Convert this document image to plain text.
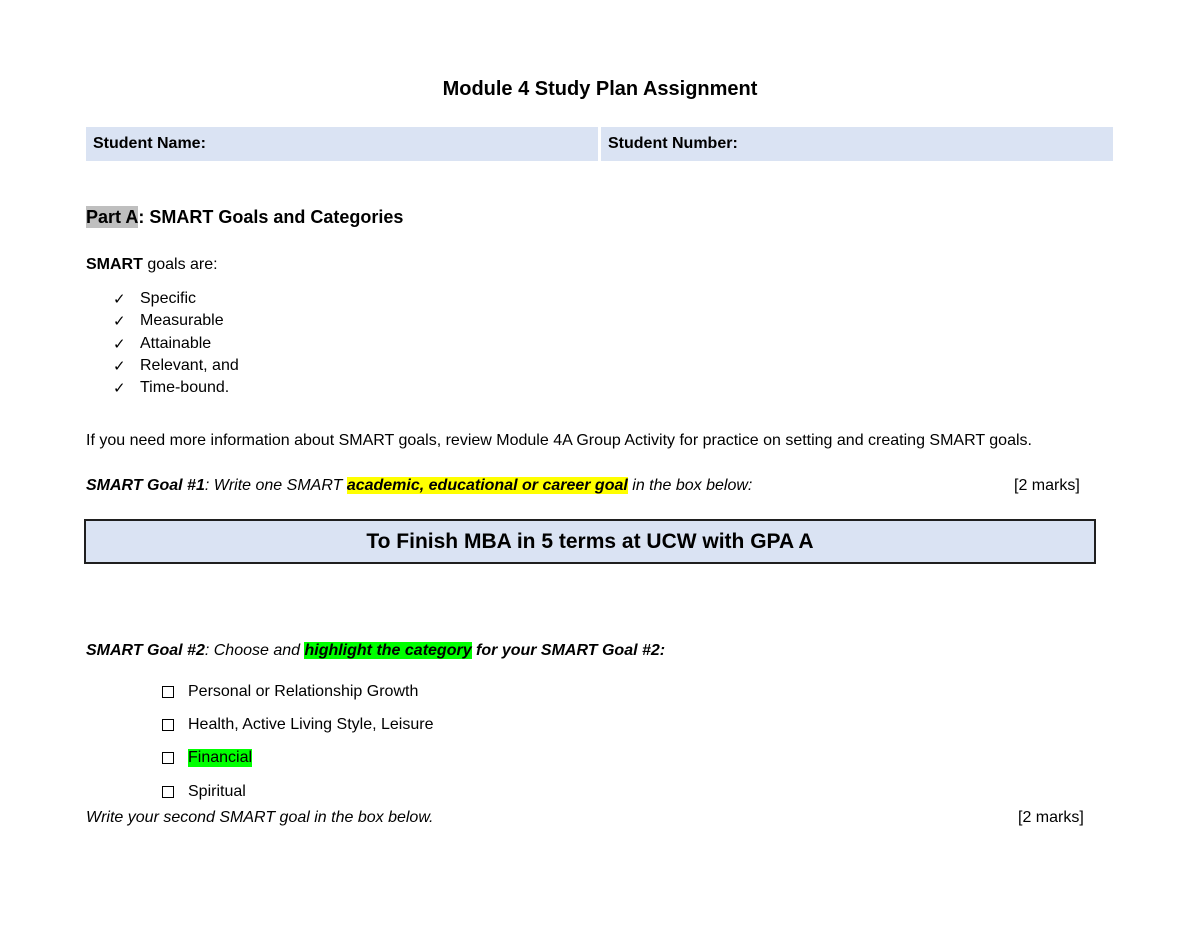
Module 4 Study Plan Assignment
Student Name:	Student Number:
Part A: SMART Goals and Categories
SMART goals are:
✓ Specific
✓ Measurable
✓ Attainable
✓ Relevant, and
✓ Time-bound.
If you need more information about SMART goals, review Module 4A Group Activity for practice on setting and creating SMART goals.
SMART Goal #1: Write one SMART academic, educational or career goal in the box below:	[2 marks]
To Finish MBA in 5 terms at UCW with GPA A
SMART Goal #2: Choose and highlight the category for your SMART Goal #2:
Personal or Relationship Growth
Health, Active Living Style, Leisure
Financial
Spiritual
Write your second SMART goal in the box below.	[2 marks]
